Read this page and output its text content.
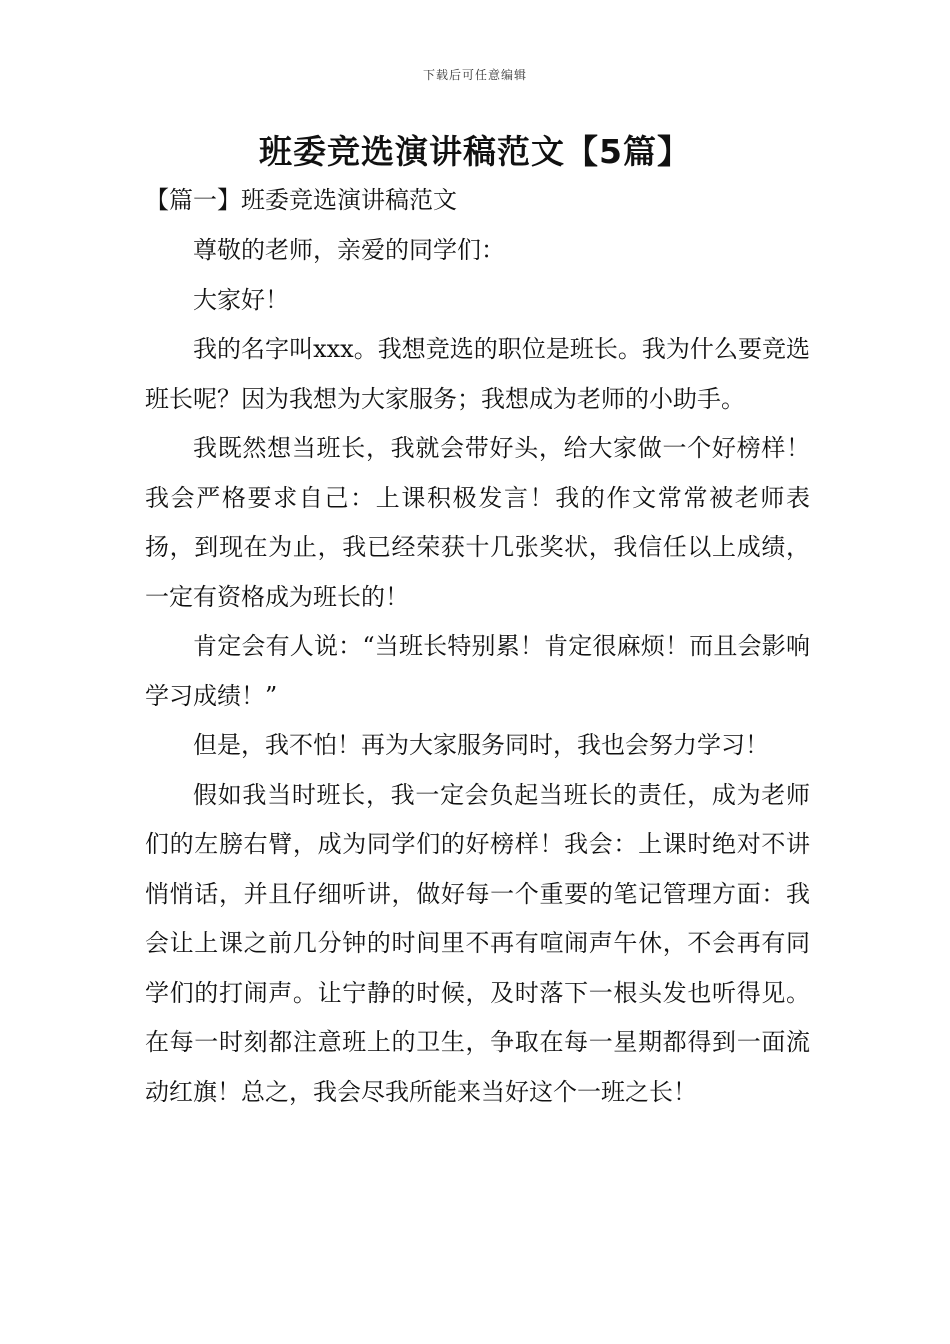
下载后可任意编辑
班委竞选演讲稿范文【5篇】
【篇一】班委竞选演讲稿范文

尊敬的老师，亲爱的同学们：

大家好！

我的名字叫xxx。我想竞选的职位是班长。我为什么要竞选班长呢？因为我想为大家服务；我想成为老师的小助手。

我既然想当班长，我就会带好头，给大家做一个好榜样！我会严格要求自己：上课积极发言！我的作文常常被老师表扬，到现在为止，我已经荣获十几张奖状，我信任以上成绩，一定有资格成为班长的！

肯定会有人说：“当班长特别累！肯定很麻烦！而且会影响学习成绩！”

但是，我不怕！再为大家服务同时，我也会努力学习！

假如我当时班长，我一定会负起当班长的责任，成为老师们的左膀右臂，成为同学们的好榜样！我会：上课时绝对不讲悄悄话，并且仔细听讲，做好每一个重要的笔记管理方面：我会让上课之前几分钟的时间里不再有喧闹声午休，不会再有同学们的打闹声。让宁静的时候，及时落下一根头发也听得见。在每一时刻都注意班上的卫生，争取在每一星期都得到一面流动红旗！总之，我会尽我所能来当好这个一班之长！
